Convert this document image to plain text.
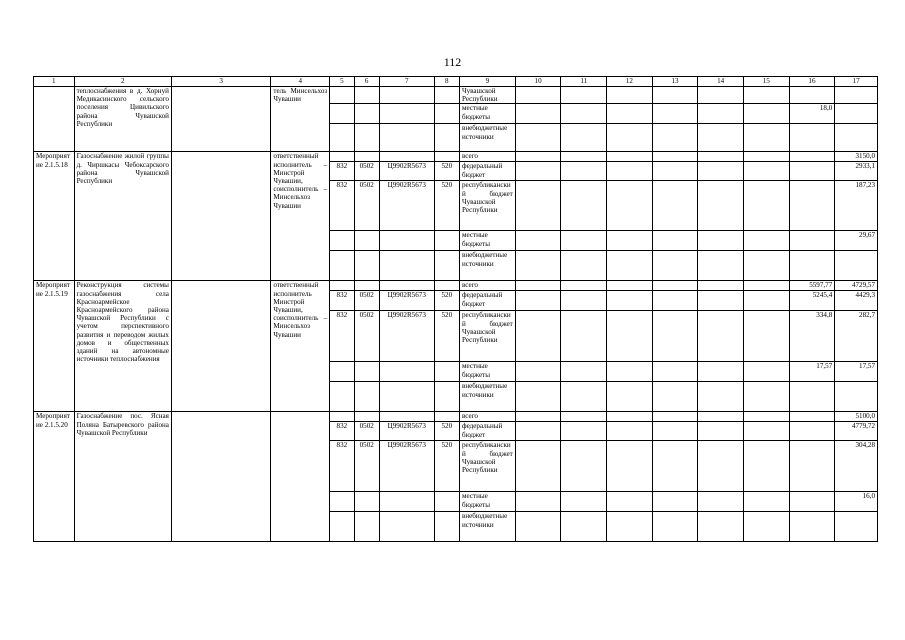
112
1	2	3	4	5	6	7	8	9	10	11	12	13	14	15	16	17
	теплоснабжения в д. Хорнуй Медикасинского сельского поселения Цивильского района Чувашской Республики		тель Минсельхоз Чувашии					Чувашской Республики								
								местные бюджеты							18,0	
								внебюджетные источники								
Мероприятие 2.1.5.18	Газоснабжение жилой группы д. Чиршкасы Чебоксарского района Чувашской Республики		ответственный исполнитель – Минстрой Чувашии, соисполнитель – Минсельхоз Чувашии					всего								3150,0
				832	0502	Ц9902R5673	520	федеральный бюджет								2933,1
				832	0502	Ц9902R5673	520	республиканский бюджет Чувашской Республики								187,23
								местные бюджеты								29,67
								внебюджетные источники								
Мероприятие 2.1.5.19	Реконструкция системы газоснабжения села Красноармейское Красноармейского района Чувашской Республики с учетом перспективного развития и переводом жилых домов и общественных зданий на автономные источники теплоснабжения		ответственный исполнитель Минстрой Чувашии, соисполнитель – Минсельхоз Чувашии					всего							5597,77	4729,57
				832	0502	Ц9902R5673	520	федеральный бюджет							5245,4	4429,3
				832	0502	Ц9902R5673	520	республиканский бюджет Чувашской Республики							334,8	282,7
								местные бюджеты							17,57	17,57
								внебюджетные источники								
Мероприятие 2.1.5.20	Газоснабжение пос. Ясная Поляна Батыревского района Чувашской Республики							всего								5100,0
				832	0502	Ц9902R5673	520	федеральный бюджет								4779,72
				832	0502	Ц9902R5673	520	республиканский бюджет Чувашской Республики								304,28
								местные бюджеты								16,0
								внебюджетные источники								
